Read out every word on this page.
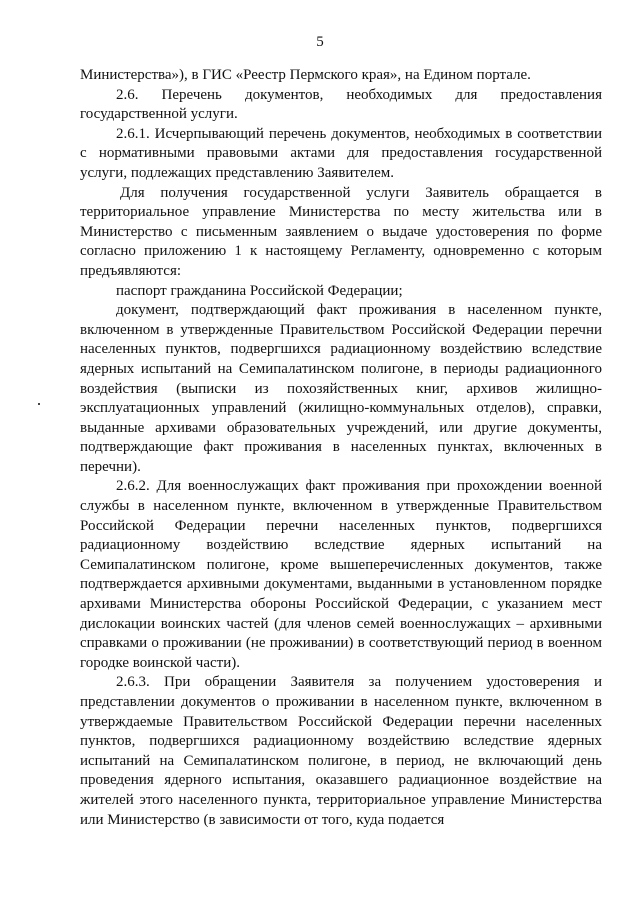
5

Министерства»), в ГИС «Реестр Пермского края», на Едином портале.

2.6. Перечень документов, необходимых для предоставления государственной услуги.

2.6.1. Исчерпывающий перечень документов, необходимых в соответствии с нормативными правовыми актами для предоставления государственной услуги, подлежащих представлению Заявителем.

Для получения государственной услуги Заявитель обращается в территориальное управление Министерства по месту жительства или в Министерство с письменным заявлением о выдаче удостоверения по форме согласно приложению 1 к настоящему Регламенту, одновременно с которым предъявляются:

паспорт гражданина Российской Федерации;

документ, подтверждающий факт проживания в населенном пункте, включенном в утвержденные Правительством Российской Федерации перечни населенных пунктов, подвергшихся радиационному воздействию вследствие ядерных испытаний на Семипалатинском полигоне, в периоды радиационного воздействия (выписки из похозяйственных книг, архивов жилищно-эксплуатационных управлений (жилищно-коммунальных отделов), справки, выданные архивами образовательных учреждений, или другие документы, подтверждающие факт проживания в населенных пунктах, включенных в перечни).

2.6.2. Для военнослужащих факт проживания при прохождении военной службы в населенном пункте, включенном в утвержденные Правительством Российской Федерации перечни населенных пунктов, подвергшихся радиационному воздействию вследствие ядерных испытаний на Семипалатинском полигоне, кроме вышеперечисленных документов, также подтверждается архивными документами, выданными в установленном порядке архивами Министерства обороны Российской Федерации, с указанием мест дислокации воинских частей (для членов семей военнослужащих – архивными справками о проживании (не проживании) в соответствующий период в военном городке воинской части).

2.6.3. При обращении Заявителя за получением удостоверения и представлении документов о проживании в населенном пункте, включенном в утверждаемые Правительством Российской Федерации перечни населенных пунктов, подвергшихся радиационному воздействию вследствие ядерных испытаний на Семипалатинском полигоне, в период, не включающий день проведения ядерного испытания, оказавшего радиационное воздействие на жителей этого населенного пункта, территориальное управление Министерства или Министерство (в зависимости от того, куда подается
